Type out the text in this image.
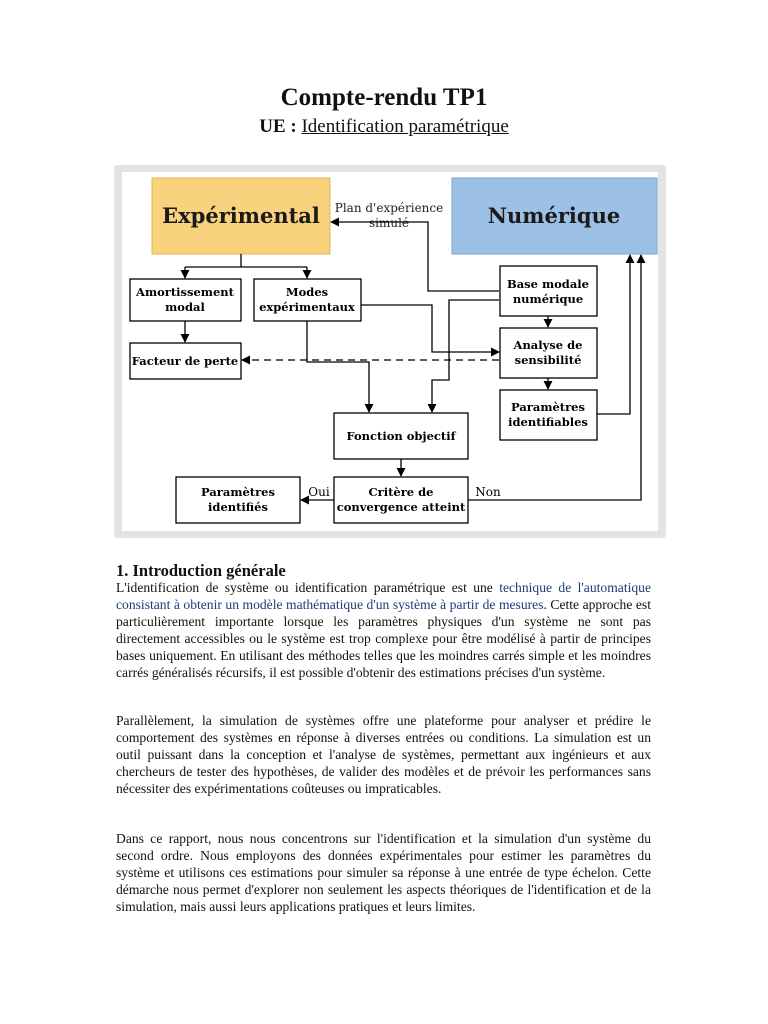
Compte-rendu TP1
UE : Identification paramétrique
Expérimental	Numérique
Plan d'expérience
simulé
Amortissement
modal
Modes
expérimentaux
Facteur de perte
Base modale
numérique
Analyse de
sensibilité
Paramètres
identifiables
Fonction objectif
Critère de
convergence atteint
Paramètres
identifiés
Oui	Non
1. Introduction générale

L'identification de système ou identification paramétrique est une technique de l'automatique consistant à obtenir un modèle mathématique d'un système à partir de mesures. Cette approche est particulièrement importante lorsque les paramètres physiques d'un système ne sont pas directement accessibles ou le système est trop complexe pour être modélisé à partir de principes bases uniquement. En utilisant des méthodes telles que les moindres carrés simple et les moindres carrés généralisés récursifs, il est possible d'obtenir des estimations précises d'un système.

Parallèlement, la simulation de systèmes offre une plateforme pour analyser et prédire le comportement des systèmes en réponse à diverses entrées ou conditions. La simulation est un outil puissant dans la conception et l'analyse de systèmes, permettant aux ingénieurs et aux chercheurs de tester des hypothèses, de valider des modèles et de prévoir les performances sans nécessiter des expérimentations coûteuses ou impraticables.

Dans ce rapport, nous nous concentrons sur l'identification et la simulation d'un système du second ordre. Nous employons des données expérimentales pour estimer les paramètres du système et utilisons ces estimations pour simuler sa réponse à une entrée de type échelon. Cette démarche nous permet d'explorer non seulement les aspects théoriques de l'identification et de la simulation, mais aussi leurs applications pratiques et leurs limites.
